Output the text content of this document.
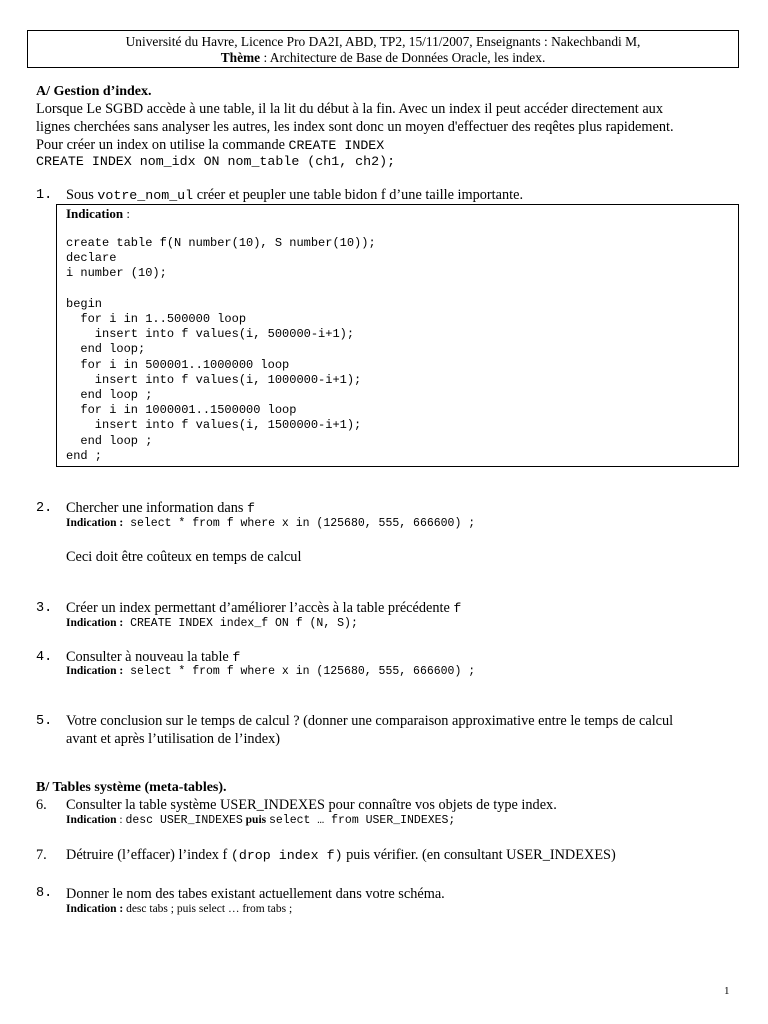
Université du Havre, Licence Pro DA2I, ABD, TP2, 15/11/2007, Enseignants : Nakechbandi M,
Thème : Architecture de Base de Données Oracle, les index.
A/ Gestion d’index.
Lorsque Le SGBD accède à une table, il la lit du début à la fin. Avec un index il peut accéder directement aux
lignes cherchées sans analyser les autres, les index sont donc un moyen d'effectuer des reqêtes plus rapidement.
Pour créer un index on utilise la commande CREATE INDEX
CREATE INDEX nom_idx ON nom_table (ch1, ch2);
1. Sous votre_nom_ul créer et peupler une table bidon f d’une taille importante.
Indication :
create table f(N number(10), S number(10));
declare
i number (10);

begin
for i in 1..500000 loop
insert into f values(i, 500000-i+1);
end loop;
for i in 500001..1000000 loop
insert into f values(i, 1000000-i+1);
end loop ;
for i in 1000001..1500000 loop
insert into f values(i, 1500000-i+1);
end loop ;
end ;
2. Chercher une information dans f
Indication : select * from f where x in (125680, 555, 666600) ;
Ceci doit être coûteux en temps de calcul
3. Créer un index permettant d’améliorer l’accès à la table précédente f
Indication : CREATE INDEX index_f ON f (N, S);
4. Consulter à nouveau la table f
Indication : select * from f where x in (125680, 555, 666600) ;
5. Votre conclusion sur le temps de calcul ? (donner une comparaison approximative entre le temps de calcul
avant et après l’utilisation de l’index)
B/ Tables système (meta-tables).
6. Consulter la table système USER_INDEXES pour connaître vos objets de type index.
Indication : desc USER_INDEXES puis select … from USER_INDEXES;
7. Détruire (l’effacer) l’index f (drop index f) puis vérifier. (en consultant USER_INDEXES)
8. Donner le nom des tabes existant actuellement dans votre schéma.
Indication : desc tabs ; puis select … from tabs ;
1
